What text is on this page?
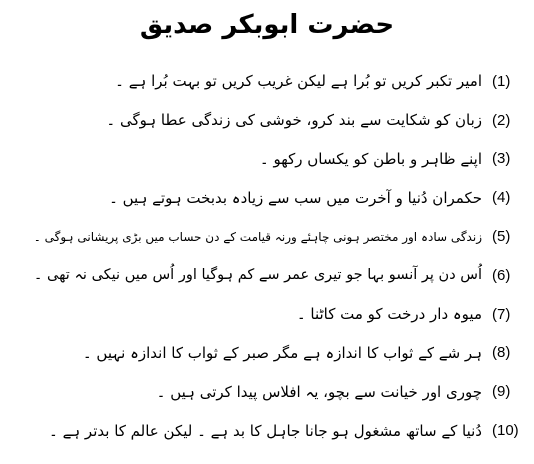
حضرت ابوبکر صدیق
(1)
امیر تکبر کریں تو بُرا ہے لیکن غریب کریں تو بہت بُرا ہے ۔
(2)
زبان کو شکایت سے بند کرو، خوشی کی زندگی عطا ہوگی ۔
(3)
اپنے ظاہر و باطن کو یکساں رکھو ۔
(4)
حکمران دُنیا و آخرت میں سب سے زیادہ بدبخت ہوتے ہیں ۔
(5)
زندگی سادہ اور مختصر ہونی چاہئے ورنہ قیامت کے دن حساب میں بڑی پریشانی ہوگی ۔
(6)
اُس دن پر آنسو بہا جو تیری عمر سے کم ہوگیا اور اُس میں نیکی نہ تھی ۔
(7)
میوہ دار درخت کو مت کاٹنا ۔
(8)
ہر شے کے ثواب کا اندازہ ہے مگر صبر کے ثواب کا اندازہ نہیں ۔
(9)
چوری اور خیانت سے بچو، یہ افلاس پیدا کرتی ہیں ۔
(10)
دُنیا کے ساتھ مشغول ہو جانا جاہل کا بد ہے ۔ لیکن عالم کا بدتر ہے ۔
